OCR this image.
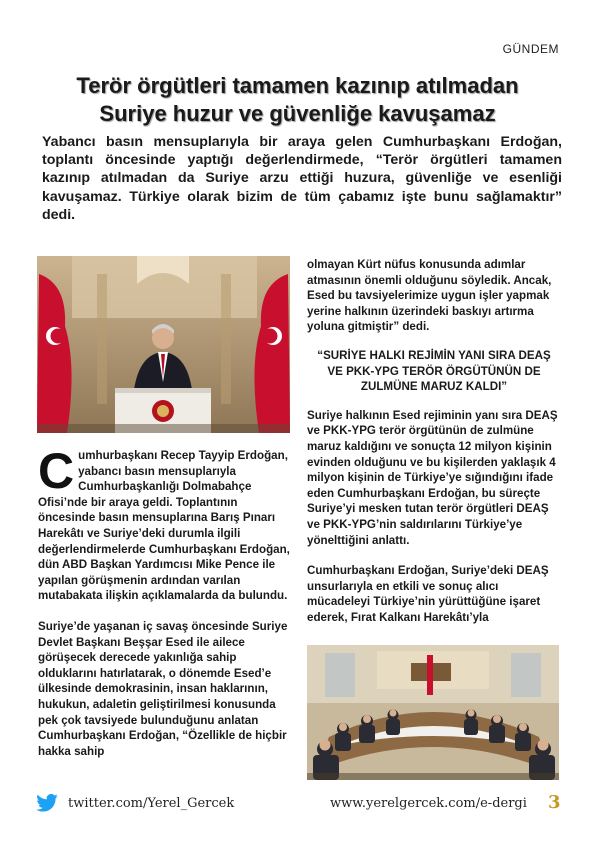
GÜNDEM
Terör örgütleri tamamen kazınıp atılmadan
Suriye huzur ve güvenliğe kavuşamaz

Yabancı basın mensuplarıyla bir araya gelen Cumhurbaşkanı Erdoğan, toplantı öncesinde yaptığı değerlendirmede, “Terör örgütleri tamamen kazınıp atılmadan da Suriye arzu ettiği huzura, güvenliğe ve esenliği kavuşamaz. Türkiye olarak bizim de tüm çabamız işte bunu sağlamaktır” dedi.

Cumhurbaşkanı Recep Tayyip Erdoğan, yabancı basın mensuplarıyla Cumhurbaşkanlığı Dolmabahçe Ofisi’nde bir araya geldi. Toplantının öncesinde basın mensuplarına Barış Pınarı Harekâtı ve Suriye’deki durumla ilgili değerlendirmelerde Cumhurbaşkanı Erdoğan, dün ABD Başkan Yardımcısı Mike Pence ile yapılan görüşmenin ardından varılan mutabakata ilişkin açıklamalarda da bulundu.

Suriye’de yaşanan iç savaş öncesinde Suriye Devlet Başkanı Beşşar Esed ile ailece görüşecek derecede yakınlığa sahip olduklarını hatırlatarak, o dönemde Esed’e ülkesinde demokrasinin, insan haklarının, hukukun, adaletin geliştirilmesi konusunda pek çok tavsiyede bulunduğunu anlatan Cumhurbaşkanı Erdoğan, “Özellikle de hiçbir hakka sahip

olmayan Kürt nüfus konusunda adımlar atmasının önemli olduğunu söyledik. Ancak, Esed bu tavsiyelerimize uygun işler yapmak yerine halkının üzerindeki baskıyı artırma yoluna gitmiştir” dedi.

“SURİYE HALKI REJİMİN YANI SIRA DEAŞ VE PKK-YPG TERÖR ÖRGÜTÜNÜN DE ZULMÜNE MARUZ KALDI”

Suriye halkının Esed rejiminin yanı sıra DEAŞ ve PKK-YPG terör örgütünün de zulmüne maruz kaldığını ve sonuçta 12 milyon kişinin evinden olduğunu ve bu kişilerden yaklaşık 4 milyon kişinin de Türkiye’ye sığındığını ifade eden Cumhurbaşkanı Erdoğan, bu süreçte Suriye’yi mesken tutan terör örgütleri DEAŞ ve PKK-YPG’nin saldırılarını Türkiye’ye yönelttiğini anlattı.

Cumhurbaşkanı Erdoğan, Suriye’deki DEAŞ unsurlarıyla en etkili ve sonuç alıcı mücadeleyi Türkiye’nin yürüttüğüne işaret ederek, Fırat Kalkanı Harekâtı’yla

twitter.com/Yerel_Gercek	www.yerelgercek.com/e-dergi 3
